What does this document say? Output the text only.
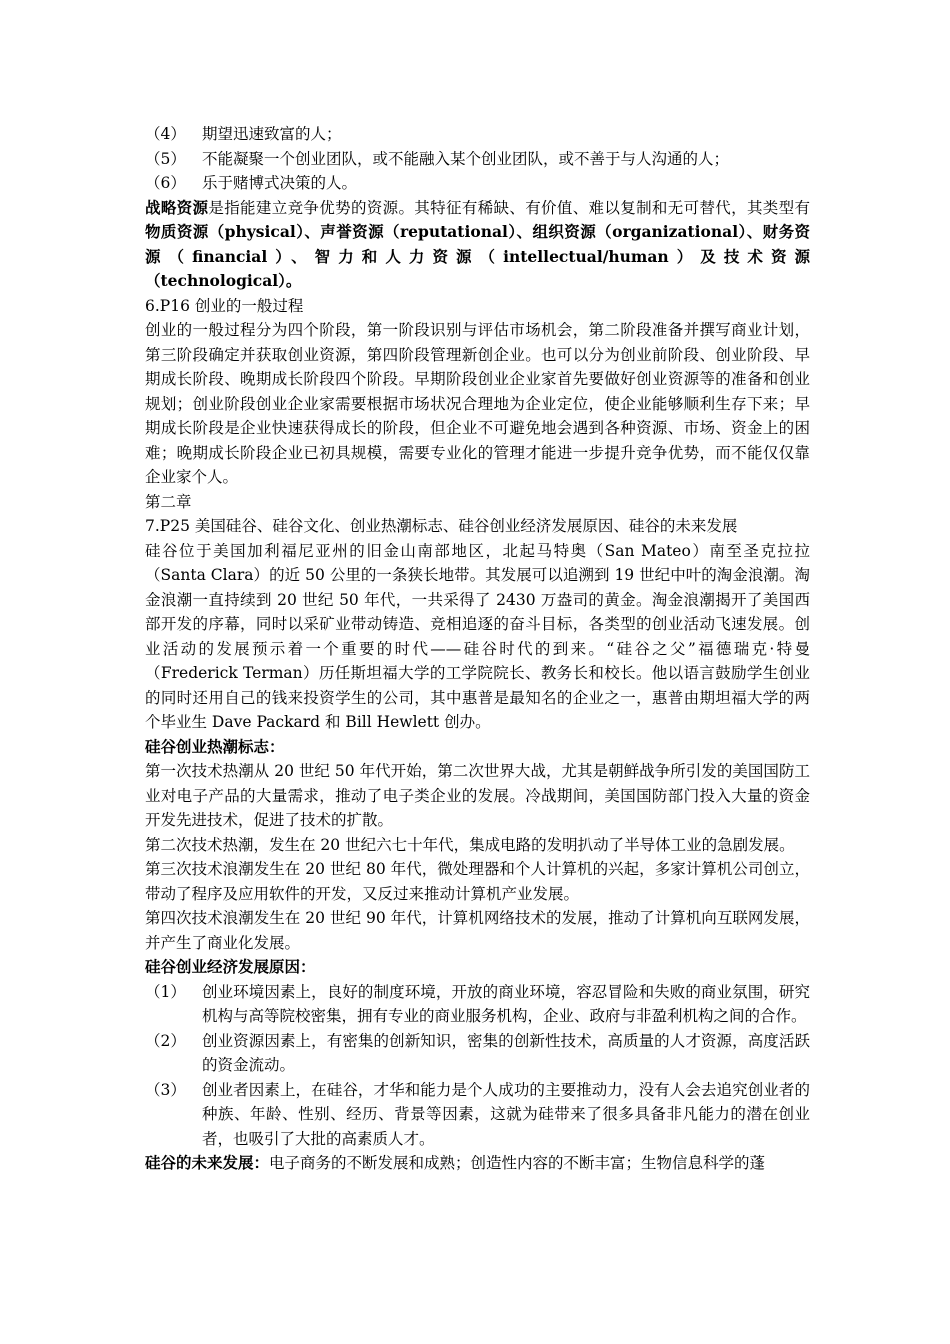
（4）	期望迅速致富的人；
（5）	不能凝聚一个创业团队，或不能融入某个创业团队，或不善于与人沟通的人；
（6）	乐于赌博式决策的人。

战略资源是指能建立竞争优势的资源。其特征有稀缺、有价值、难以复制和无可替代，其类型有物质资源（physical）、声誉资源（reputational）、组织资源（organizational）、财务资源（financial）、智力和人力资源（intellectual/human）及技术资源（technological）。

6.P16 创业的一般过程

创业的一般过程分为四个阶段，第一阶段识别与评估市场机会，第二阶段准备并撰写商业计划，第三阶段确定并获取创业资源，第四阶段管理新创企业。也可以分为创业前阶段、创业阶段、早期成长阶段、晚期成长阶段四个阶段。早期阶段创业企业家首先要做好创业资源等的准备和创业规划；创业阶段创业企业家需要根据市场状况合理地为企业定位，使企业能够顺利生存下来；早期成长阶段是企业快速获得成长的阶段，但企业不可避免地会遇到各种资源、市场、资金上的困难；晚期成长阶段企业已初具规模，需要专业化的管理才能进一步提升竞争优势，而不能仅仅靠企业家个人。

第二章

7.P25 美国硅谷、硅谷文化、创业热潮标志、硅谷创业经济发展原因、硅谷的未来发展

硅谷位于美国加利福尼亚州的旧金山南部地区，北起马特奥（San Mateo）南至圣克拉拉（Santa Clara）的近 50 公里的一条狭长地带。其发展可以追溯到 19 世纪中叶的淘金浪潮。淘金浪潮一直持续到 20 世纪 50 年代，一共采得了 2430 万盎司的黄金。淘金浪潮揭开了美国西部开发的序幕，同时以采矿业带动铸造、竞相追逐的奋斗目标，各类型的创业活动飞速发展。创业活动的发展预示着一个重要的时代——硅谷时代的到来。“硅谷之父”福德瑞克·特曼（Frederick Terman）历任斯坦福大学的工学院院长、教务长和校长。他以语言鼓励学生创业的同时还用自己的钱来投资学生的公司，其中惠普是最知名的企业之一，惠普由期坦福大学的两个毕业生 Dave Packard 和 Bill Hewlett 创办。

硅谷创业热潮标志：

第一次技术热潮从 20 世纪 50 年代开始，第二次世界大战，尤其是朝鲜战争所引发的美国国防工业对电子产品的大量需求，推动了电子类企业的发展。冷战期间，美国国防部门投入大量的资金开发先进技术，促进了技术的扩散。

第二次技术热潮，发生在 20 世纪六七十年代，集成电路的发明扒动了半导体工业的急剧发展。

第三次技术浪潮发生在 20 世纪 80 年代，微处理器和个人计算机的兴起，多家计算机公司创立，带动了程序及应用软件的开发，又反过来推动计算机产业发展。

第四次技术浪潮发生在 20 世纪 90 年代，计算机网络技术的发展，推动了计算机向互联网发展，并产生了商业化发展。

硅谷创业经济发展原因：

（1）	创业环境因素上，良好的制度环境，开放的商业环境，容忍冒险和失败的商业氛围，研究机构与高等院校密集，拥有专业的商业服务机构，企业、政府与非盈利机构之间的合作。
（2）	创业资源因素上，有密集的创新知识，密集的创新性技术，高质量的人才资源，高度活跃的资金流动。
（3）	创业者因素上，在硅谷，才华和能力是个人成功的主要推动力，没有人会去追究创业者的种族、年龄、性别、经历、背景等因素，这就为硅带来了很多具备非凡能力的潜在创业者，也吸引了大批的高素质人才。

硅谷的未来发展：电子商务的不断发展和成熟；创造性内容的不断丰富；生物信息科学的蓬
